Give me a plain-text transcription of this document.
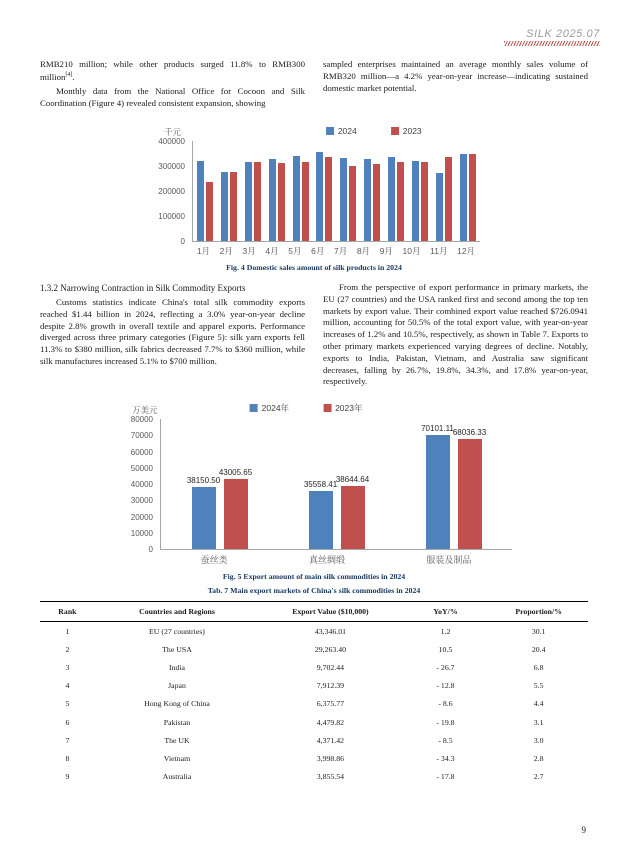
SILK 2025.07

RMB210 million; while other products surged 11.8% to RMB300 million[4].

Monthly data from the National Office for Cocoon and Silk Coordination (Figure 4) revealed consistent expansion, showing

sampled enterprises maintained an average monthly sales volume of RMB320 million—a 4.2% year-on-year increase—indicating sustained domestic market potential.

千元	2024	2023
0
100000
200000
300000
400000
1月 2月 3月 4月 5月 6月 7月 8月 9月 10月 11月 12月
Fig. 4 Domestic sales amount of silk products in 2024

1.3.2 Narrowing Contraction in Silk Commodity Exports

Customs statistics indicate China's total silk commodity exports reached $1.44 billion in 2024, reflecting a 3.0% year-on-year decline despite 2.8% growth in overall textile and apparel exports. Performance diverged across three primary categories (Figure 5): silk yarn exports fell 11.3% to $380 million, silk fabrics decreased 7.7% to $360 million, while silk manufactures increased 5.1% to $700 million.

From the perspective of export performance in primary markets, the EU (27 countries) and the USA ranked first and second among the top ten markets by export value. Their combined export value reached $726.0941 million, accounting for 50.5% of the total export value, with year-on-year increases of 1.2% and 10.5%, respectively, as shown in Table 7. Exports to other primary markets experienced varying degrees of decline. Notably, exports to India, Pakistan, Vietnam, and Australia saw significant decreases, falling by 26.7%, 19.8%, 34.3%, and 17.8% year-on-year, respectively.

万美元	2024年	2023年
0
10000
20000
30000
40000
50000
60000
70000
80000
38150.50
43005.65
35558.41
38644.64
70101.11
68036.33
蚕丝类	真丝绸缎	服装及制品
Fig. 5 Export amount of main silk commodities in 2024
Tab. 7 Main export markets of China's silk commodities in 2024
Rank	Countries and Regions	Export Value ($10,000)	YoY/%	Proportion/%
1	EU (27 countries)	43,346.01	1.2	30.1
2	The USA	29,263.40	10.5	20.4
3	India	9,702.44	- 26.7	6.8
4	Japan	7,912.39	- 12.8	5.5
5	Hong Kong of China	6,375.77	- 8.6	4.4
6	Pakistan	4,479.82	- 19.8	3.1
7	The UK	4,371.42	- 8.5	3.0
8	Vietnam	3,998.86	- 34.3	2.8
9	Australia	3,855.54	- 17.8	2.7
9
